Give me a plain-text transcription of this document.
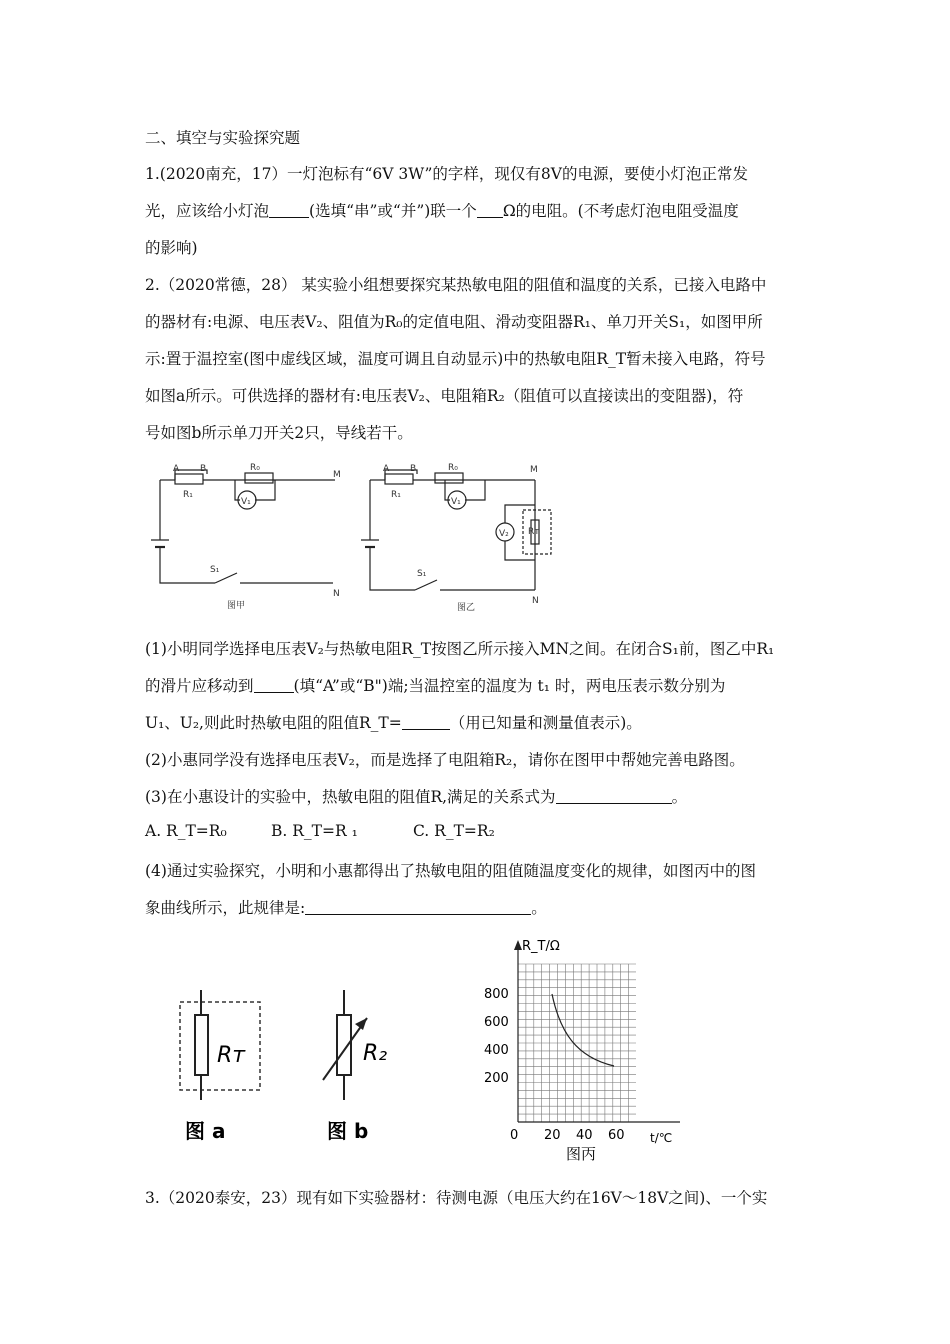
二、填空与实验探究题
1.(2020南充，17）一灯泡标有“6V 3W”的字样，现仅有8V的电源，要使小灯泡正常发
光，应该给小灯泡	(选填“串”或“并”)联一个 Ω的电阻。(不考虑灯泡电阻受温度
的影响)
2.（2020常德，28） 某实验小组想要探究某热敏电阻的阻值和温度的关系，已接入电路中
的器材有:电源、电压表V₂、阻值为R₀的定值电阻、滑动变阻器R₁、单刀开关S₁，如图甲所
示:置于温控室(图中虚线区域，温度可调且自动显示)中的热敏电阻R_T暂未接入电路，符号
如图a所示。可供选择的器材有:电压表V₂、电阻箱R₂（阻值可以直接读出的变阻器)，符
号如图b所示单刀开关2只，导线若干。
A B
R₁
R₀
V₁
M
S₁
N
图甲
A B
R₁
R₀
V₁
V₂ Rᴛ
M
S₁
N
图乙
(1)小明同学选择电压表V₂与热敏电阻R_T按图乙所示接入MN之间。在闭合S₁前，图乙中R₁
的滑片应移动到	(填“A”或“B")端;当温控室的温度为 t₁ 时，两电压表示数分别为
U₁、U₂,则此时热敏电阻的阻值R_T=	（用已知量和测量值表示)。
(2)小惠同学没有选择电压表V₂，而是选择了电阻箱R₂，请你在图甲中帮她完善电路图。
(3)在小惠设计的实验中，热敏电阻的阻值R,满足的关系式为	。
A. R_T=R₀	B. R_T=R ₁	C. R_T=R₂
(4)通过实验探究，小明和小惠都得出了热敏电阻的阻值随温度变化的规律，如图丙中的图
象曲线所示，此规律是:	。
Rᴛ
图 a
R₂
图 b
R_T/Ω
800
600
400
200
0 20 40 60 t/℃
图丙
3.（2020泰安，23）现有如下实验器材：待测电源（电压大约在16V～18V之间)、一个实
